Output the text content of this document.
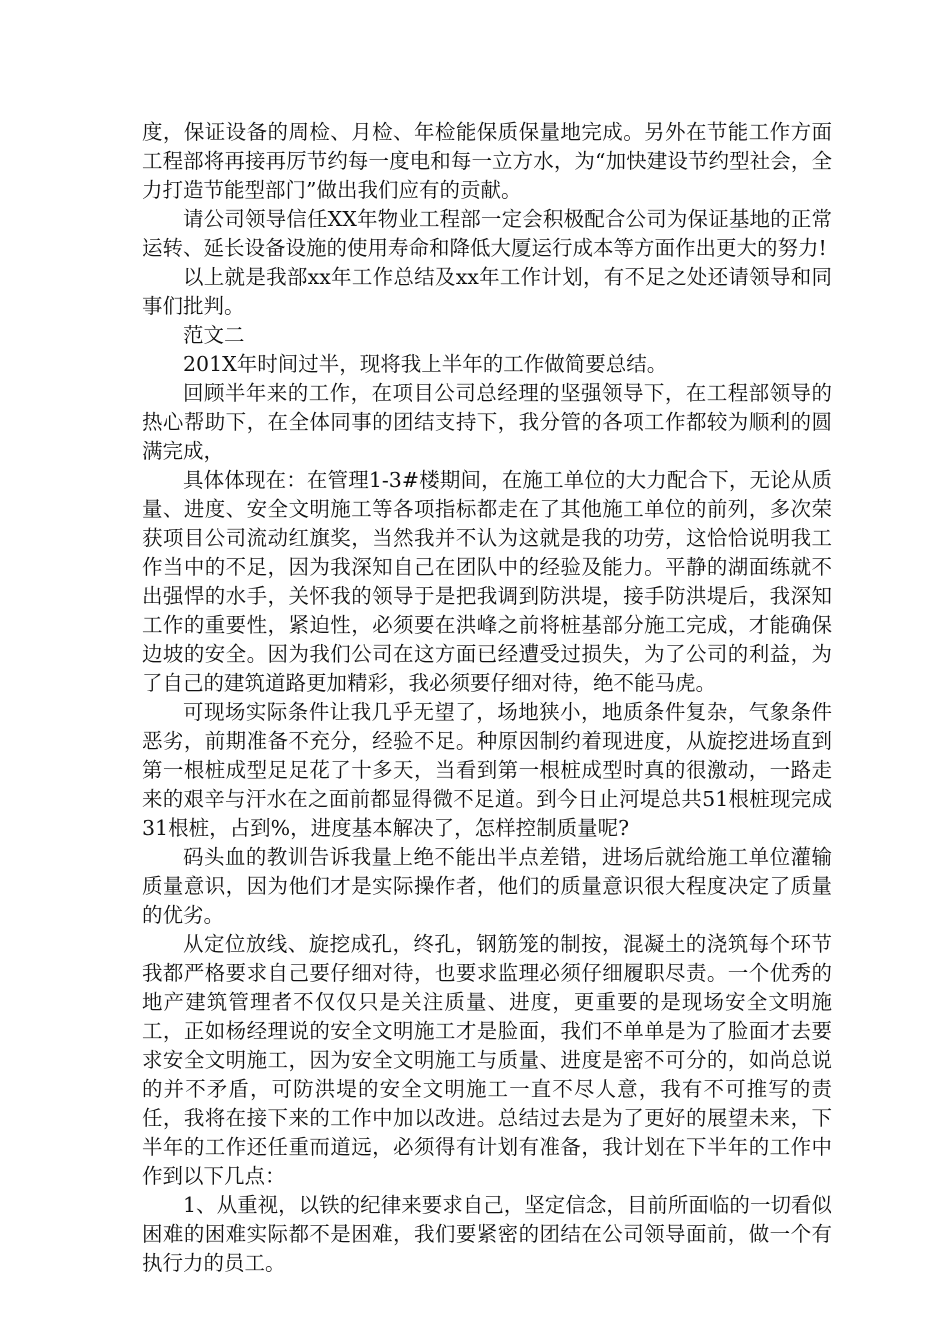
度，保证设备的周检、月检、年检能保质保量地完成。另外在节能工作方面工程部将再接再厉节约每一度电和每一立方水，为“加快建设节约型社会，全力打造节能型部门”做出我们应有的贡献。

请公司领导信任XX年物业工程部一定会积极配合公司为保证基地的正常运转、延长设备设施的使用寿命和降低大厦运行成本等方面作出更大的努力!

以上就是我部xx年工作总结及xx年工作计划，有不足之处还请领导和同事们批判。

范文二

201X年时间过半，现将我上半年的工作做简要总结。

回顾半年来的工作，在项目公司总经理的坚强领导下，在工程部领导的热心帮助下，在全体同事的团结支持下，我分管的各项工作都较为顺利的圆满完成，

具体体现在：在管理1-3#楼期间，在施工单位的大力配合下，无论从质量、进度、安全文明施工等各项指标都走在了其他施工单位的前列，多次荣获项目公司流动红旗奖，当然我并不认为这就是我的功劳，这恰恰说明我工作当中的不足，因为我深知自己在团队中的经验及能力。平静的湖面练就不出强悍的水手，关怀我的领导于是把我调到防洪堤，接手防洪堤后，我深知工作的重要性，紧迫性，必须要在洪峰之前将桩基部分施工完成，才能确保边坡的安全。因为我们公司在这方面已经遭受过损失，为了公司的利益，为了自己的建筑道路更加精彩，我必须要仔细对待，绝不能马虎。

可现场实际条件让我几乎无望了，场地狭小，地质条件复杂，气象条件恶劣，前期准备不充分，经验不足。种原因制约着现进度，从旋挖进场直到第一根桩成型足足花了十多天，当看到第一根桩成型时真的很激动，一路走来的艰辛与汗水在之面前都显得微不足道。到今日止河堤总共51根桩现完成31根桩，占到%，进度基本解决了，怎样控制质量呢?

码头血的教训告诉我量上绝不能出半点差错，进场后就给施工单位灌输质量意识，因为他们才是实际操作者，他们的质量意识很大程度决定了质量的优劣。

从定位放线、旋挖成孔，终孔，钢筋笼的制按，混凝土的浇筑每个环节我都严格要求自己要仔细对待，也要求监理必须仔细履职尽责。一个优秀的地产建筑管理者不仅仅只是关注质量、进度，更重要的是现场安全文明施工，正如杨经理说的安全文明施工才是脸面，我们不单单是为了脸面才去要求安全文明施工，因为安全文明施工与质量、进度是密不可分的，如尚总说的并不矛盾，可防洪堤的安全文明施工一直不尽人意，我有不可推写的责任，我将在接下来的工作中加以改进。总结过去是为了更好的展望未来，下半年的工作还任重而道远，必须得有计划有准备，我计划在下半年的工作中作到以下几点：

1、从重视，以铁的纪律来要求自己，坚定信念，目前所面临的一切看似困难的困难实际都不是困难，我们要紧密的团结在公司领导面前，做一个有执行力的员工。
